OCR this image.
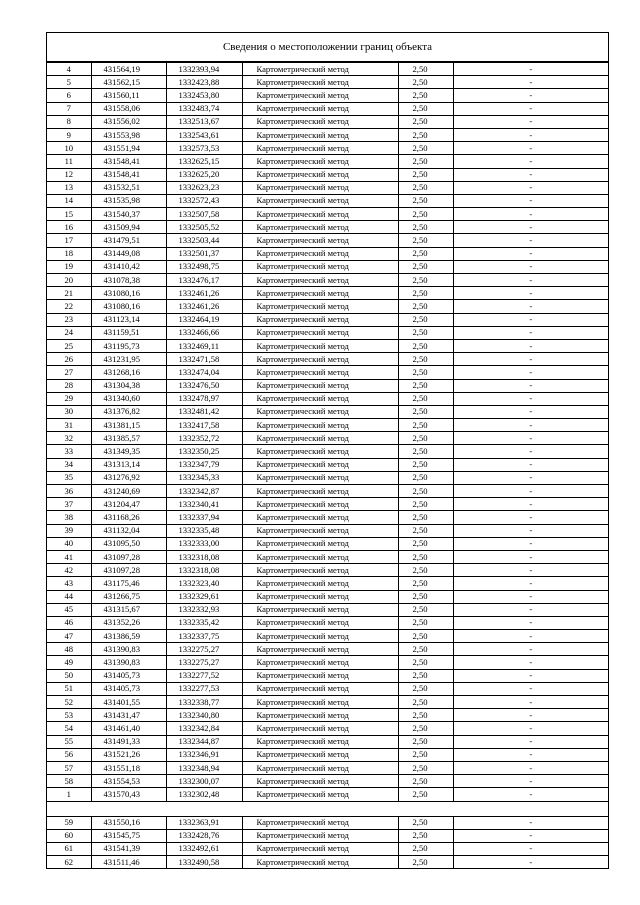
Сведения о местоположении границ объекта
4	431564,19	1332393,94	Картометрический метод	2,50	-
5	431562,15	1332423,88	Картометрический метод	2,50	-
6	431560,11	1332453,80	Картометрический метод	2,50	-
7	431558,06	1332483,74	Картометрический метод	2,50	-
8	431556,02	1332513,67	Картометрический метод	2,50	-
9	431553,98	1332543,61	Картометрический метод	2,50	-
10	431551,94	1332573,53	Картометрический метод	2,50	-
11	431548,41	1332625,15	Картометрический метод	2,50	-
12	431548,41	1332625,20	Картометрический метод	2,50	-
13	431532,51	1332623,23	Картометрический метод	2,50	-
14	431535,98	1332572,43	Картометрический метод	2,50	-
15	431540,37	1332507,58	Картометрический метод	2,50	-
16	431509,94	1332505,52	Картометрический метод	2,50	-
17	431479,51	1332503,44	Картометрический метод	2,50	-
18	431449,08	1332501,37	Картометрический метод	2,50	-
19	431410,42	1332498,75	Картометрический метод	2,50	-
20	431078,38	1332476,17	Картометрический метод	2,50	-
21	431080,16	1332461,26	Картометрический метод	2,50	-
22	431080,16	1332461,26	Картометрический метод	2,50	-
23	431123,14	1332464,19	Картометрический метод	2,50	-
24	431159,51	1332466,66	Картометрический метод	2,50	-
25	431195,73	1332469,11	Картометрический метод	2,50	-
26	431231,95	1332471,58	Картометрический метод	2,50	-
27	431268,16	1332474,04	Картометрический метод	2,50	-
28	431304,38	1332476,50	Картометрический метод	2,50	-
29	431340,60	1332478,97	Картометрический метод	2,50	-
30	431376,82	1332481,42	Картометрический метод	2,50	-
31	431381,15	1332417,58	Картометрический метод	2,50	-
32	431385,57	1332352,72	Картометрический метод	2,50	-
33	431349,35	1332350,25	Картометрический метод	2,50	-
34	431313,14	1332347,79	Картометрический метод	2,50	-
35	431276,92	1332345,33	Картометрический метод	2,50	-
36	431240,69	1332342,87	Картометрический метод	2,50	-
37	431204,47	1332340,41	Картометрический метод	2,50	-
38	431168,26	1332337,94	Картометрический метод	2,50	-
39	431132,04	1332335,48	Картометрический метод	2,50	-
40	431095,50	1332333,00	Картометрический метод	2,50	-
41	431097,28	1332318,08	Картометрический метод	2,50	-
42	431097,28	1332318,08	Картометрический метод	2,50	-
43	431175,46	1332323,40	Картометрический метод	2,50	-
44	431266,75	1332329,61	Картометрический метод	2,50	-
45	431315,67	1332332,93	Картометрический метод	2,50	-
46	431352,26	1332335,42	Картометрический метод	2,50	-
47	431386,59	1332337,75	Картометрический метод	2,50	-
48	431390,83	1332275,27	Картометрический метод	2,50	-
49	431390,83	1332275,27	Картометрический метод	2,50	-
50	431405,73	1332277,52	Картометрический метод	2,50	-
51	431405,73	1332277,53	Картометрический метод	2,50	-
52	431401,55	1332338,77	Картометрический метод	2,50	-
53	431431,47	1332340,80	Картометрический метод	2,50	-
54	431461,40	1332342,84	Картометрический метод	2,50	-
55	431491,33	1332344,87	Картометрический метод	2,50	-
56	431521,26	1332346,91	Картометрический метод	2,50	-
57	431551,18	1332348,94	Картометрический метод	2,50	-
58	431554,53	1332300,07	Картометрический метод	2,50	-
1	431570,43	1332302,48	Картометрический метод	2,50	-

59	431550,16	1332363,91	Картометрический метод	2,50	-
60	431545,75	1332428,76	Картометрический метод	2,50	-
61	431541,39	1332492,61	Картометрический метод	2,50	-
62	431511,46	1332490,58	Картометрический метод	2,50	-
